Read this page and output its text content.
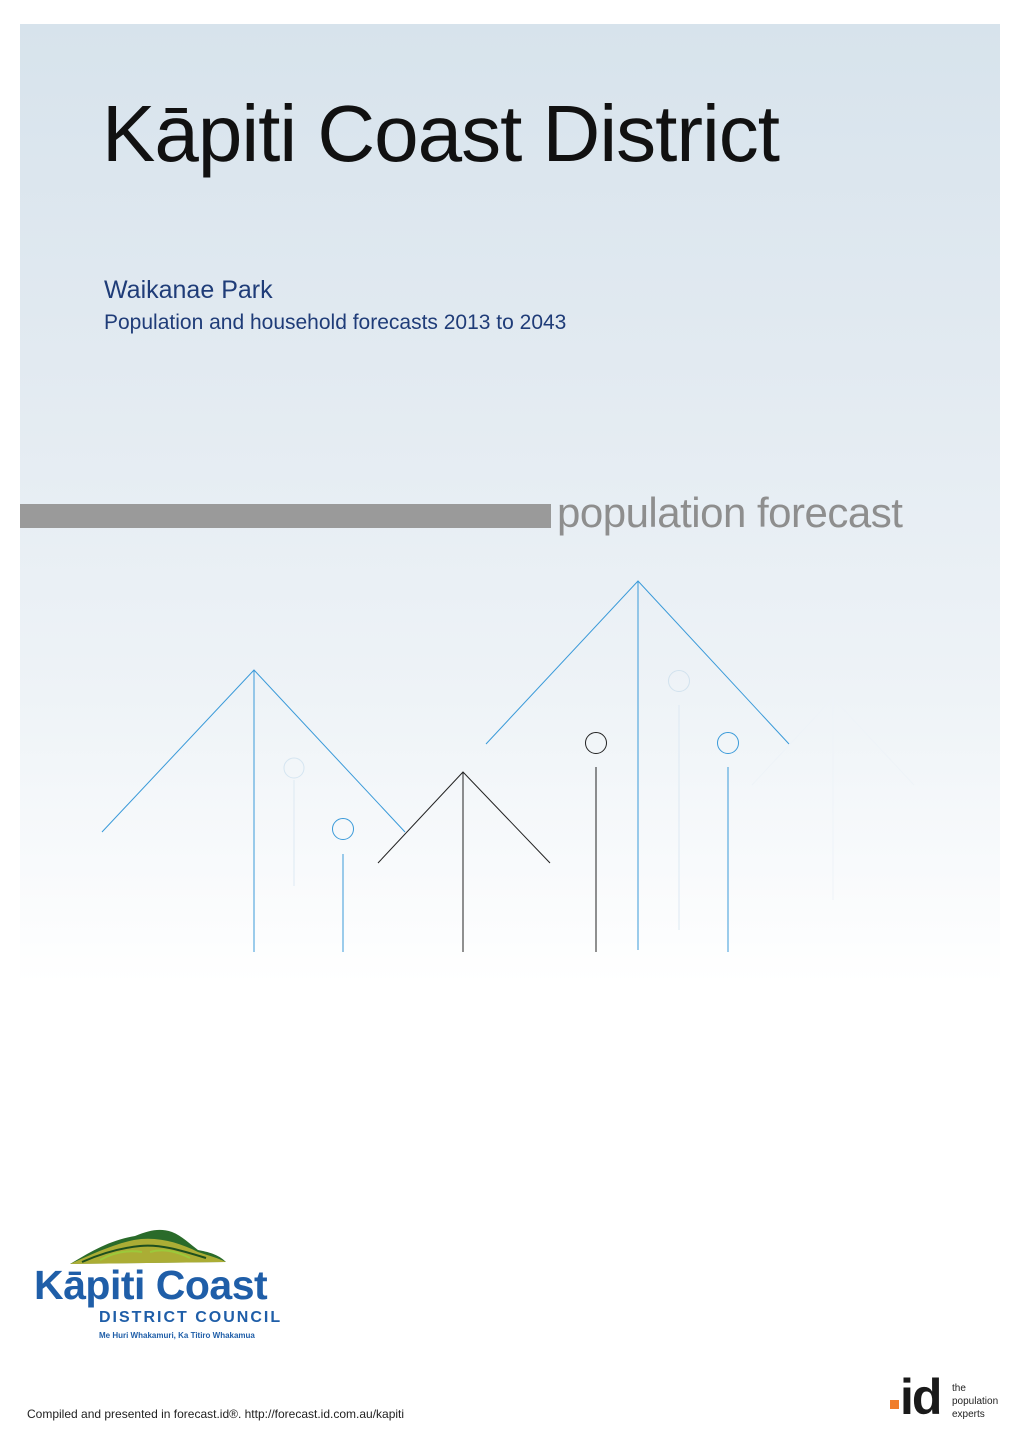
Kāpiti Coast District
Waikanae Park
Population and household forecasts 2013 to 2043
population forecast
Kāpiti Coast
DISTRICT COUNCIL
Me Huri Whakamuri, Ka Titiro Whakamua
Compiled and presented in forecast.id®. http://forecast.id.com.au/kapiti	id the
population
experts
